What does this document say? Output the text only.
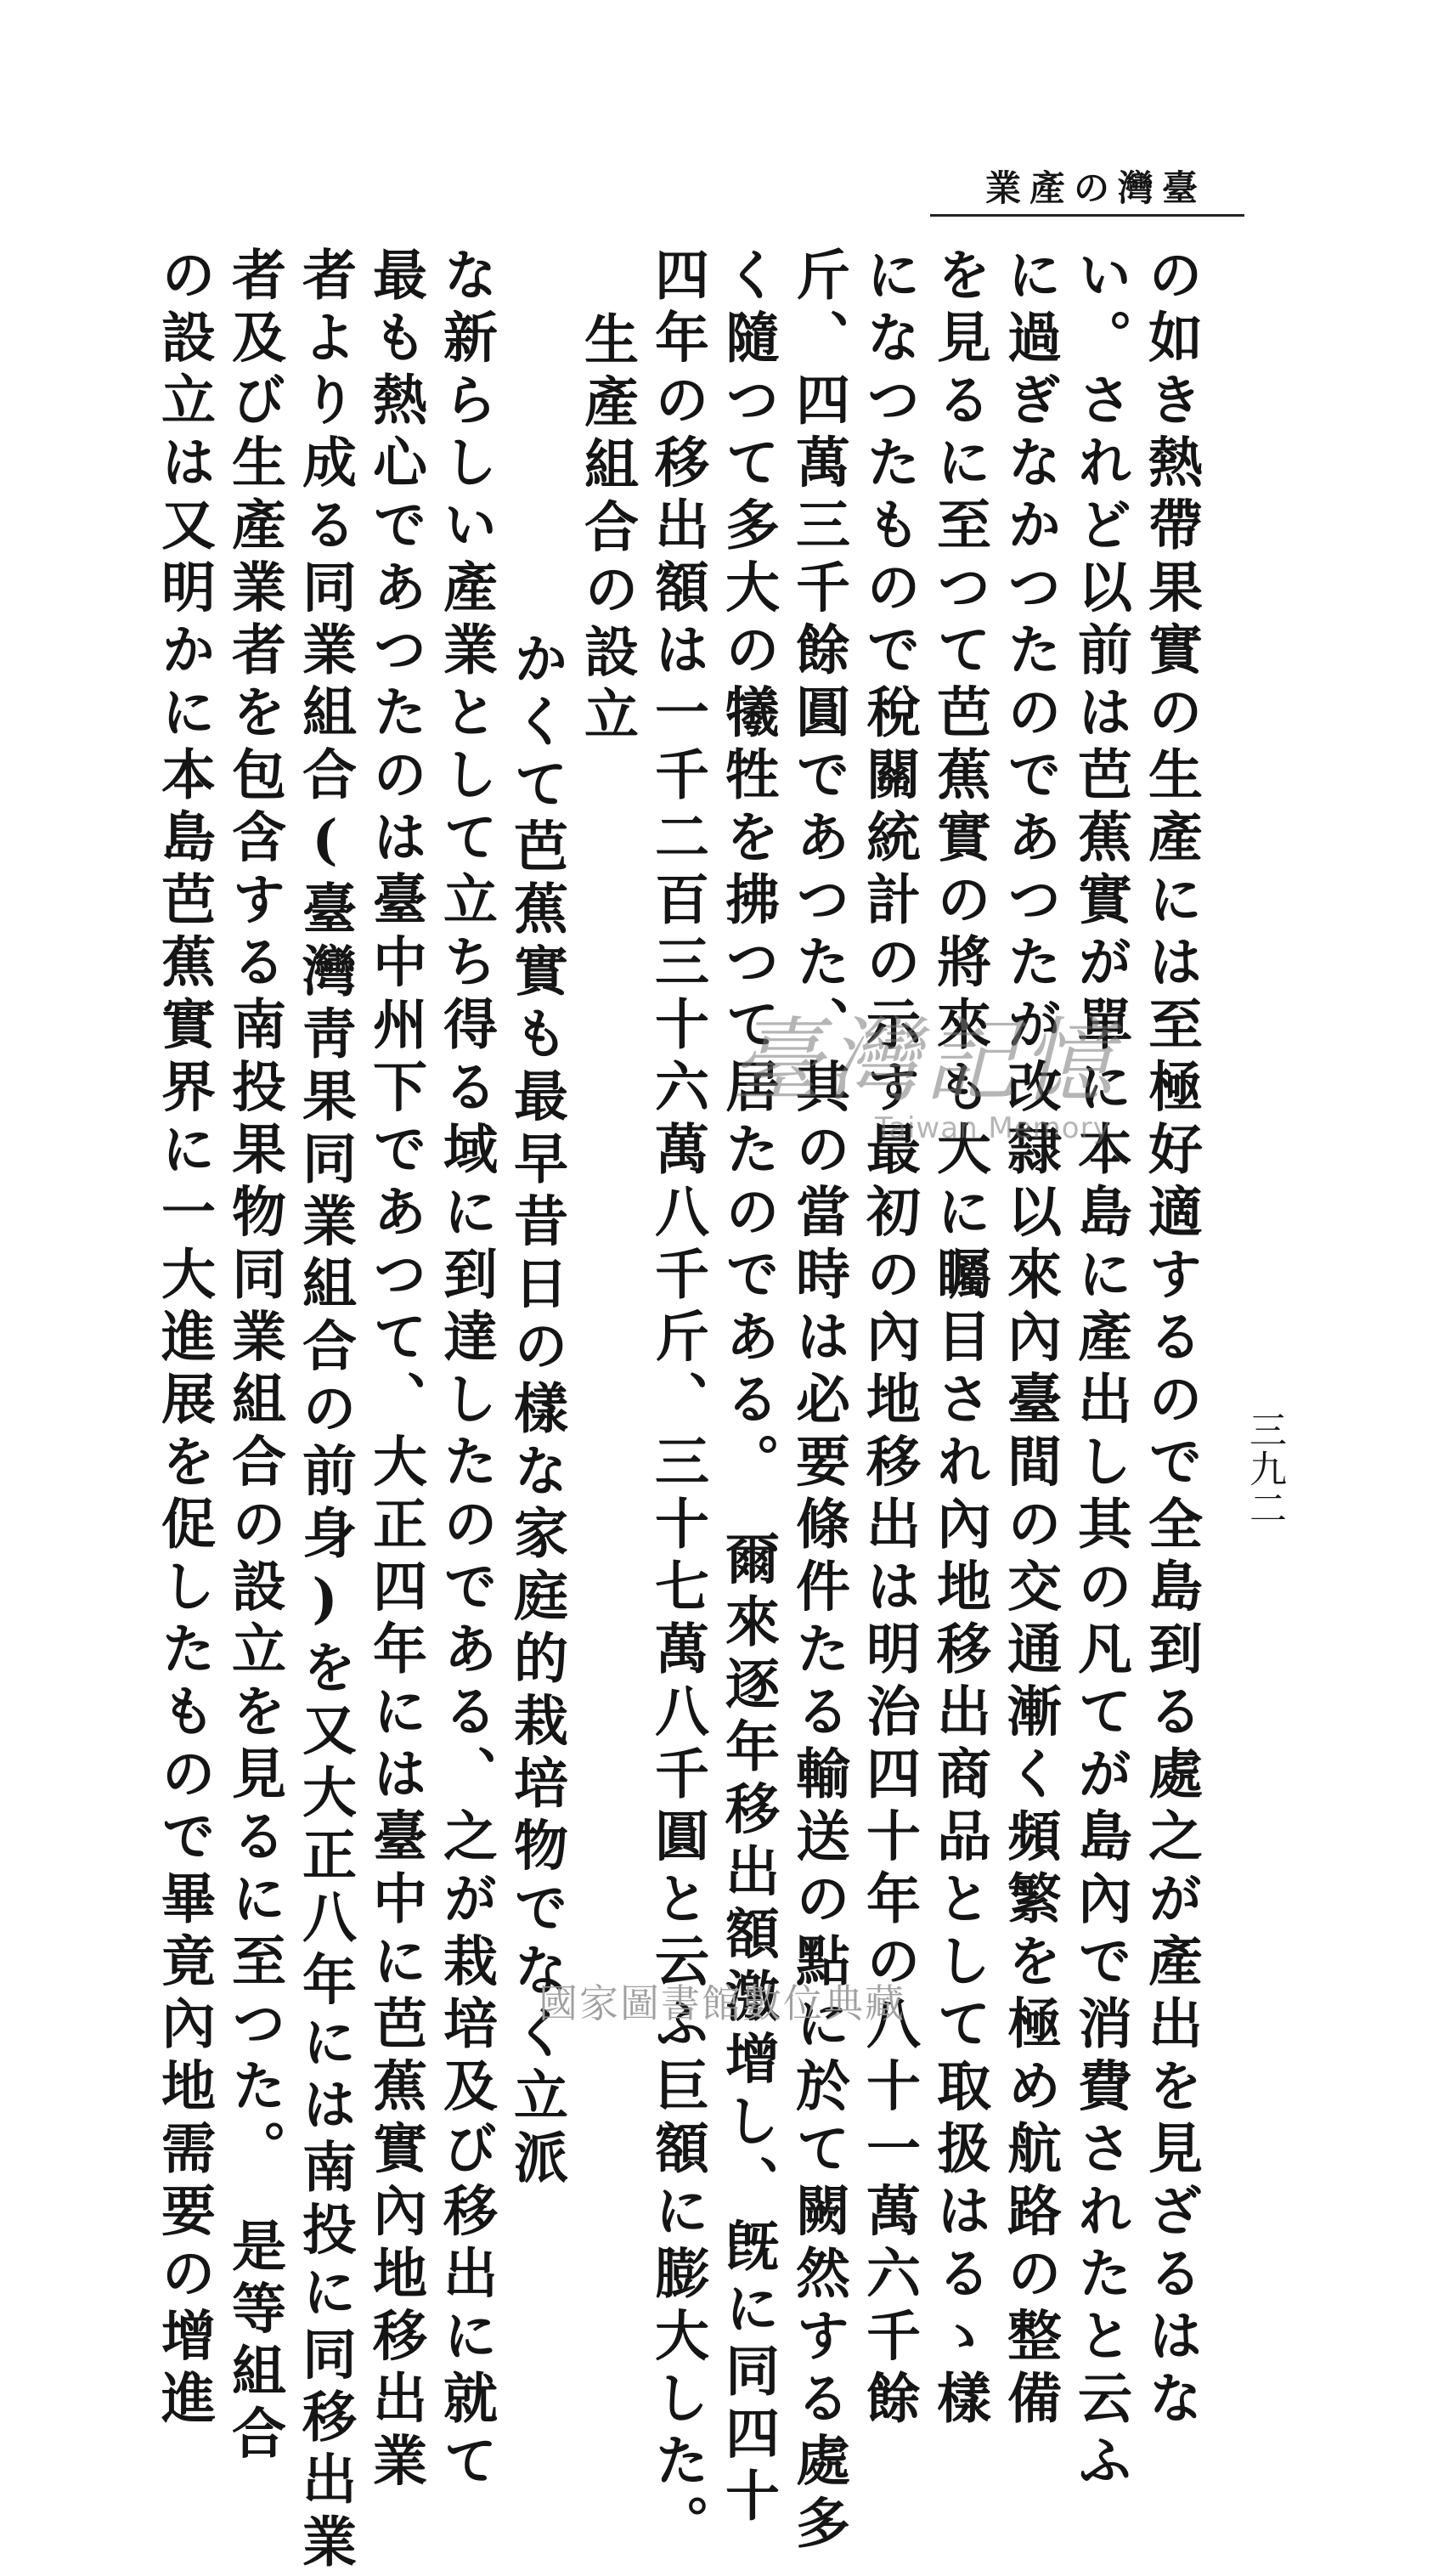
臺灣の產業
三九二
の如き熱帶果實の生產には至極好適するので全島到る處之が產出を見ざるはな
い。されど以前は芭蕉實が單に本島に產出し其の凡てが島內で消費されたと云ふ
に過ぎなかつたのであつたが改隸以來內臺間の交通漸く頻繁を極め航路の整備
を見るに至つて芭蕉實の將來も大に矚目され內地移出商品として取扱はるゝ樣
になつたもので稅關統計の示す最初の內地移出は明治四十年の八十一萬六千餘
斤、四萬三千餘圓であつた、其の當時は必要條件たる輸送の點に於て闕然する處多
く隨つて多大の犧牲を拂つて居たのである。　爾來逐年移出額激增し、旣に同四十
四年の移出額は一千二百三十六萬八千斤、三十七萬八千圓と云ふ巨額に膨大した。
生產組合の設立
かくて芭蕉實も最早昔日の樣な家庭的栽培物でなく立派
な新らしい產業として立ち得る域に到達したのである、之が栽培及び移出に就て
最も熱心であつたのは臺中州下であつて、大正四年には臺中に芭蕉實內地移出業
者より成る同業組合(臺灣靑果同業組合の前身)を又大正八年には南投に同移出業
者及び生產業者を包含する南投果物同業組合の設立を見るに至つた。　是等組合
の設立は又明かに本島芭蕉實界に一大進展を促したもので畢竟內地需要の增進	臺灣記憶
Taiwan Memory
國家圖書館數位典藏
